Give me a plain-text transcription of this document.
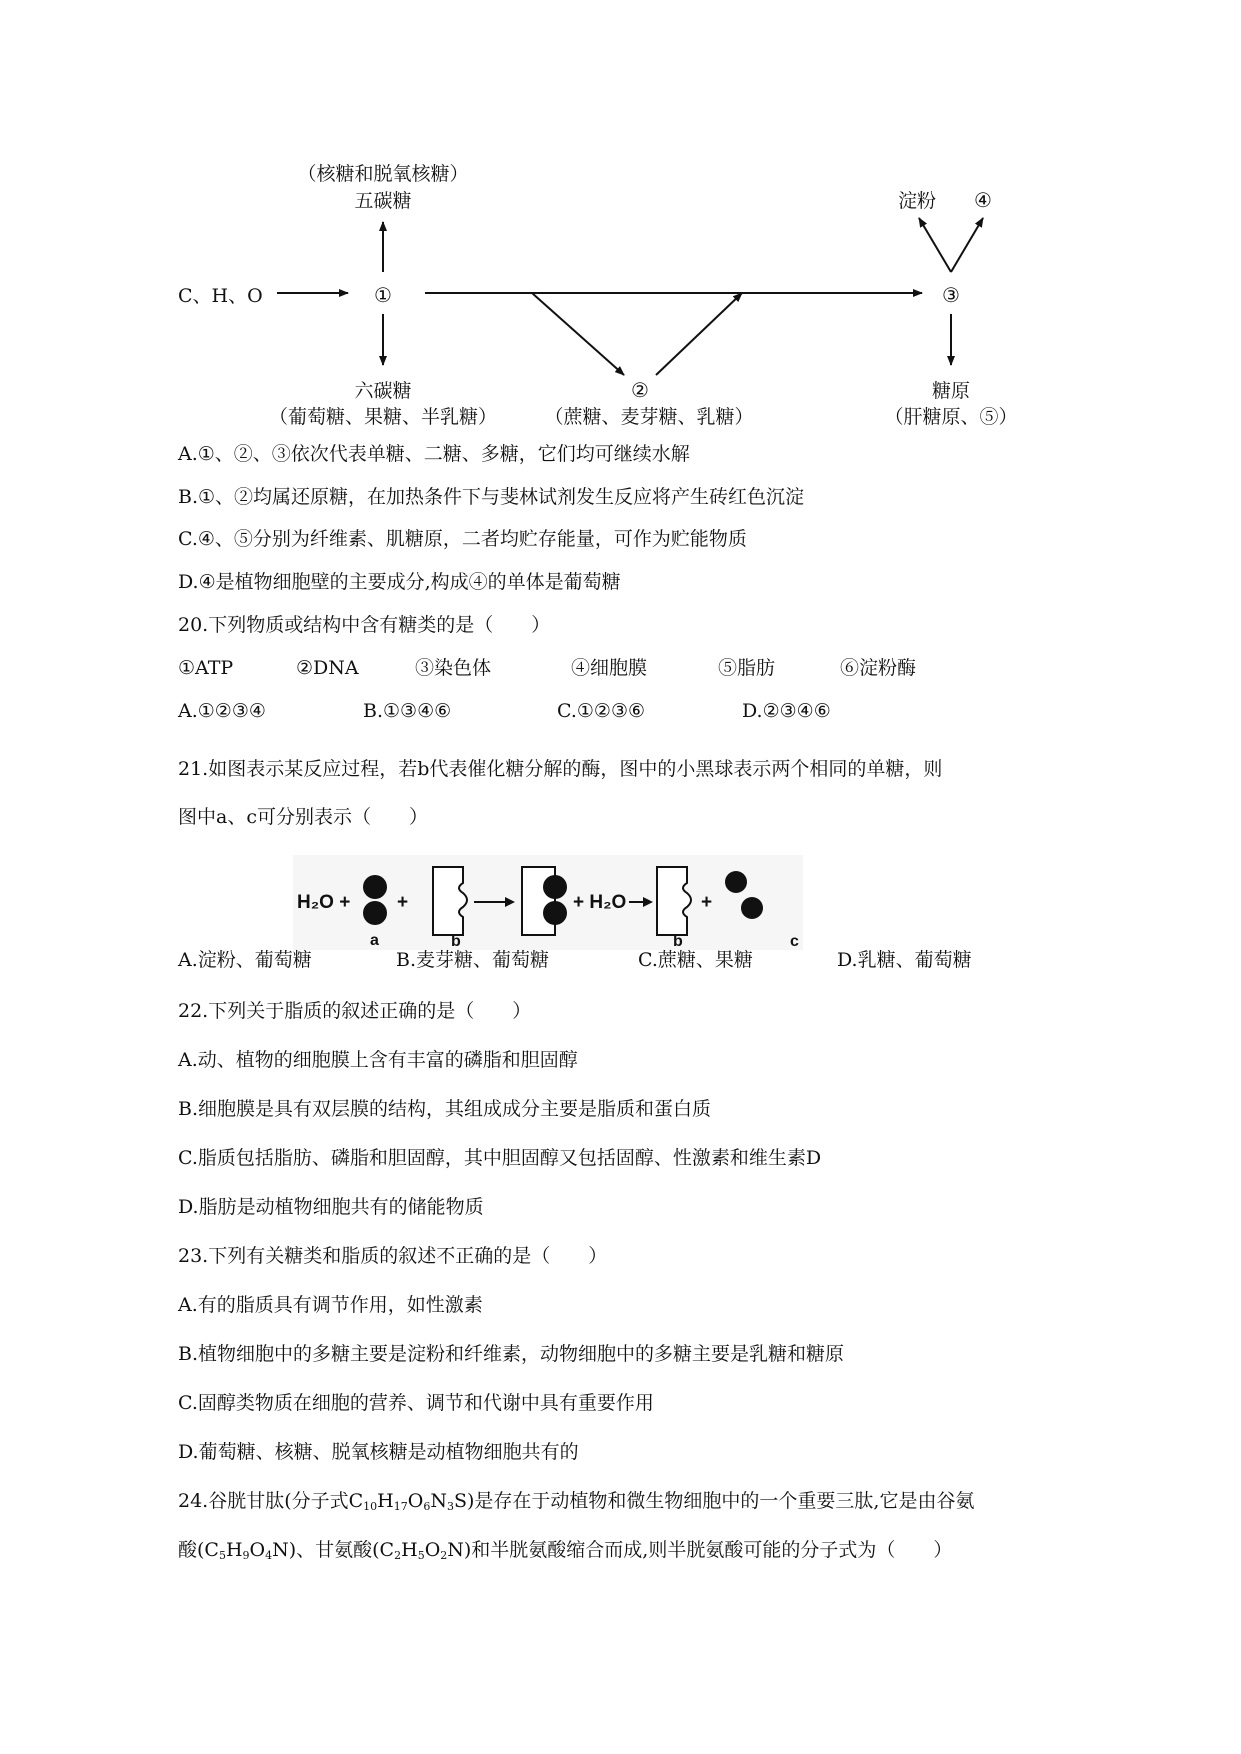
（核糖和脱氧核糖）
五碳糖
C、H、O	①	③
淀粉 ④
六碳糖
（葡萄糖、果糖、半乳糖）
②
（蔗糖、麦芽糖、乳糖）
糖原
（肝糖原、⑤）
A.①、②、③依次代表单糖、二糖、多糖，它们均可继续水解
B.①、②均属还原糖，在加热条件下与斐林试剂发生反应将产生砖红色沉淀
C.④、⑤分别为纤维素、肌糖原，二者均贮存能量，可作为贮能物质
D.④是植物细胞壁的主要成分,构成④的单体是葡萄糖
20.下列物质或结构中含有糖类的是（　　）
①ATP	②DNA	③染色体	④细胞膜	⑤脂肪	⑥淀粉酶
A.①②③④	B.①③④⑥	C.①②③⑥	D.②③④⑥
21.如图表示某反应过程，若b代表催化糖分解的酶，图中的小黑球表示两个相同的单糖，则
图中a、c可分别表示（　　）
H₂O +
a
+
b
+ H₂O
b
+
c
A.淀粉、葡萄糖	B.麦芽糖、葡萄糖	C.蔗糖、果糖	D.乳糖、葡萄糖
22.下列关于脂质的叙述正确的是（　　）
A.动、植物的细胞膜上含有丰富的磷脂和胆固醇
B.细胞膜是具有双层膜的结构，其组成成分主要是脂质和蛋白质
C.脂质包括脂肪、磷脂和胆固醇，其中胆固醇又包括固醇、性激素和维生素D
D.脂肪是动植物细胞共有的储能物质
23.下列有关糖类和脂质的叙述不正确的是（　　）
A.有的脂质具有调节作用，如性激素
B.植物细胞中的多糖主要是淀粉和纤维素，动物细胞中的多糖主要是乳糖和糖原
C.固醇类物质在细胞的营养、调节和代谢中具有重要作用
D.葡萄糖、核糖、脱氧核糖是动植物细胞共有的
24.谷胱甘肽(分子式$C_{10}H_{17}O_6N_3S$)是存在于动植物和微生物细胞中的一个重要三肽,它是由谷氨
酸$(C_5H_9O_4N)$、甘氨酸$(C_2H_5O_2N)$和半胱氨酸缩合而成,则半胱氨酸可能的分子式为（　　）
